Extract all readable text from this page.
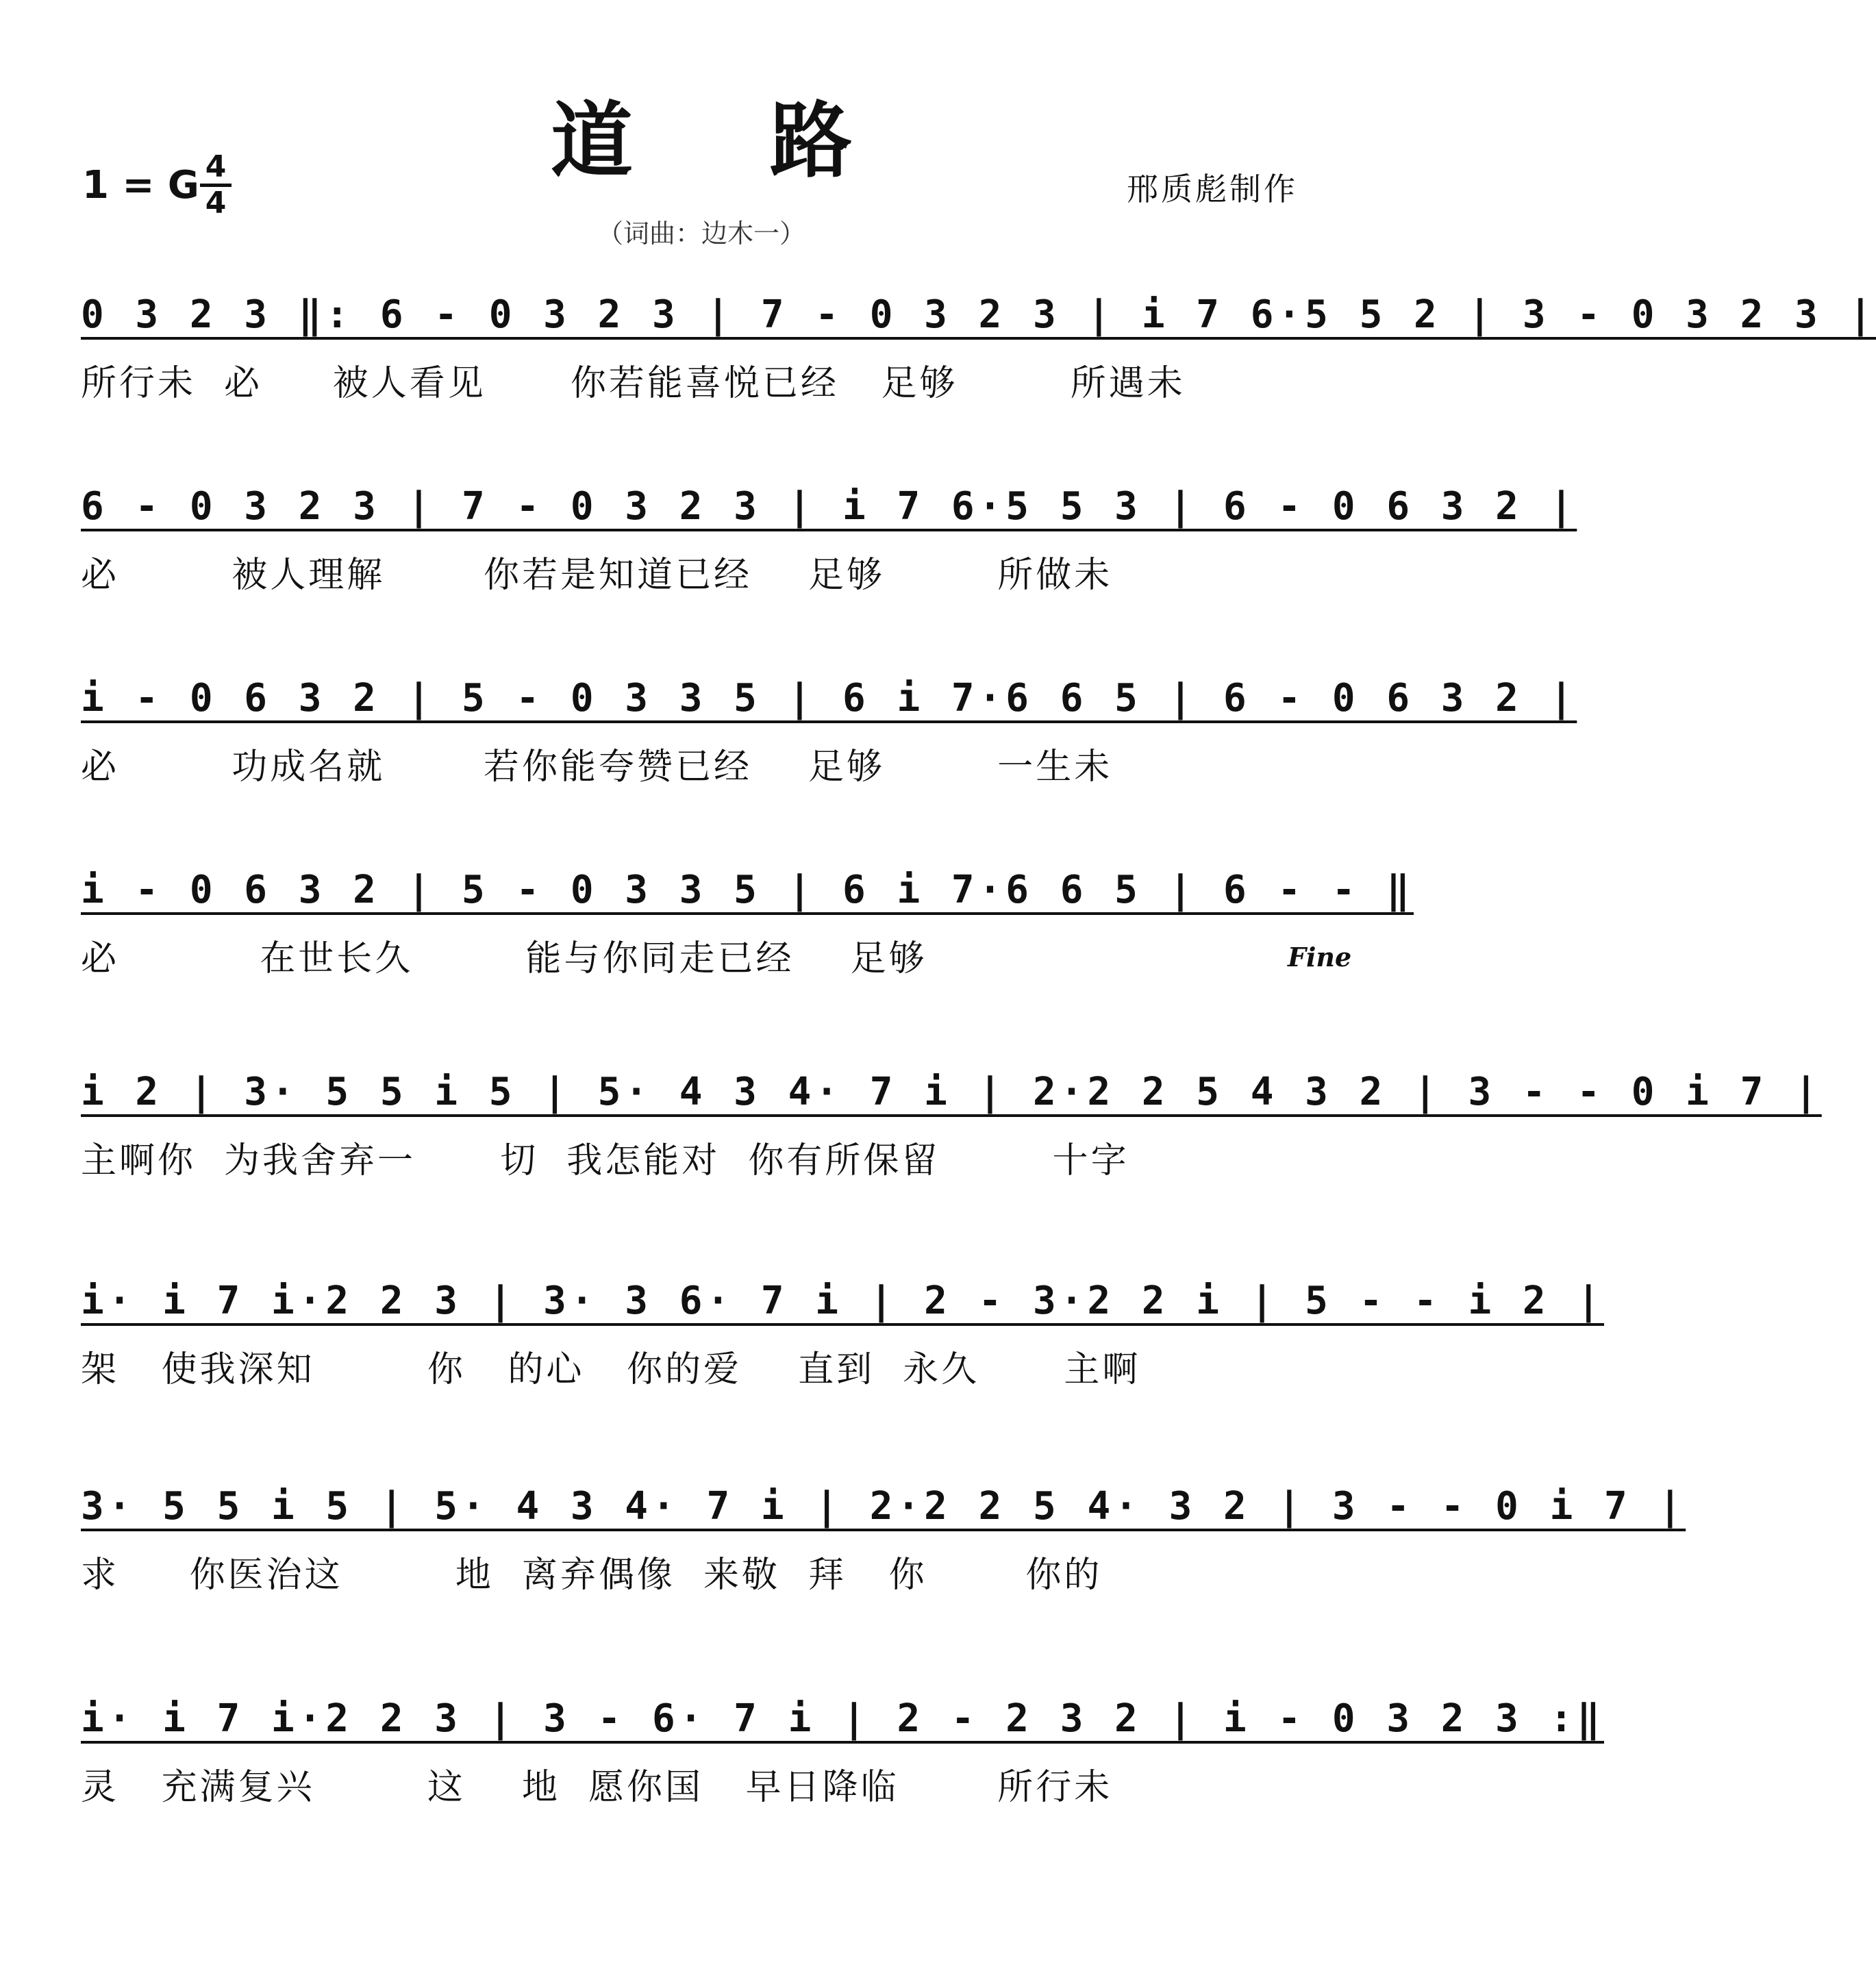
道路
1 = G 4
4	邢质彪制作
（词曲：边木一）
0 3 2 3 ‖: 6 - 0 3 2 3 | 7 - 0 3 2 3 | i 7 6·5 5 2 | 3 - 0 3 2 3 |
所行未  必     被人看见      你若能喜悦已经   足够        所遇未
6 - 0 3 2 3 | 7 - 0 3 2 3 | i 7 6·5 5 3 | 6 - 0 6 3 2 |
必        被人理解       你若是知道已经    足够        所做未
i - 0 6 3 2 | 5 - 0 3 3 5 | 6 i 7·6 6 5 | 6 - 0 6 3 2 |
必        功成名就       若你能夸赞已经    足够        一生未
i - 0 6 3 2 | 5 - 0 3 3 5 | 6 i 7·6 6 5 | 6 - - ‖
必          在世长久        能与你同走已经    足够	Fine
i 2 | 3· 5 5 i 5 | 5· 4 3 4· 7 i | 2·2 2 5 4 3 2 | 3 - - 0 i 7 |
主啊你  为我舍弃一      切  我怎能对  你有所保留        十字
i· i 7 i·2 2 3 | 3· 3 6· 7 i | 2 - 3·2 2 i | 5 - - i 2 |
架   使我深知        你   的心   你的爱    直到  永久      主啊
3· 5 5 i 5 | 5· 4 3 4· 7 i | 2·2 2 5 4· 3 2 | 3 - - 0 i 7 |
求     你医治这        地  离弃偶像  来敬  拜   你       你的
i· i 7 i·2 2 3 | 3 - 6· 7 i | 2 - 2 3 2 | i - 0 3 2 3 :‖
灵   充满复兴        这    地  愿你国   早日降临       所行未
